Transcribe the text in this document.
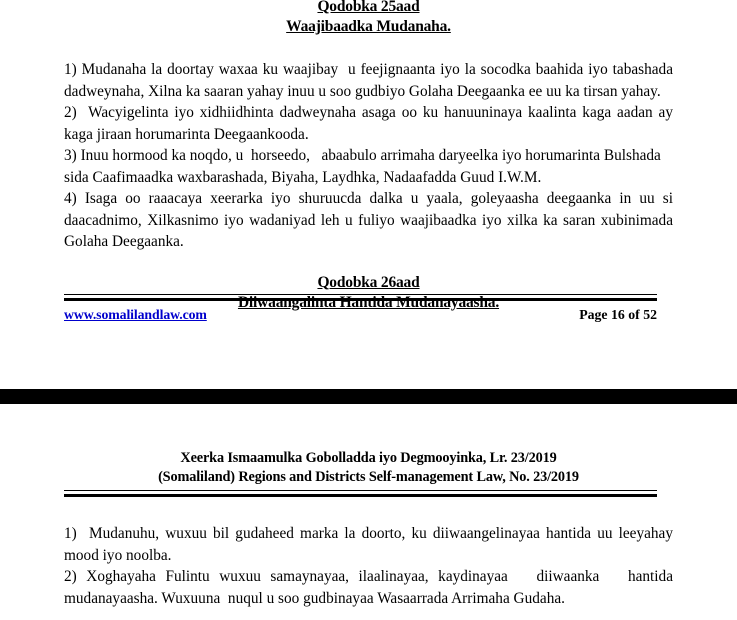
Qodobka 25aad
Waajibaadka Mudanaha.

1) Mudanaha la doortay waxaa ku waajibay  u feejignaanta iyo la socodka baahida iyo tabashada dadweynaha, Xilna ka saaran yahay inuu u soo gudbiyo Golaha Deegaanka ee uu ka tirsan yahay.

2)  Wacyigelinta iyo xidhiidhinta dadweynaha asaga oo ku hanuuninaya kaalinta kaga aadan ay kaga jiraan horumarinta Deegaankooda.

3) Inuu hormood ka noqdo, u  horseedo,   abaabulo arrimaha daryeelka iyo horumarinta Bulshada sida Caafimaadka waxbarashada, Biyaha, Laydhka, Nadaafadda Guud I.W.M.

4) Isaga oo raaacaya xeerarka iyo shuruucda dalka u yaala, goleyaasha deegaanka in uu si daacadnimo, Xilkasnimo iyo wadaniyad leh u fuliyo waajibaadka iyo xilka ka saran xubinimada Golaha Deegaanka.

Qodobka 26aad
Diiwaangalinta Hantida Mudanayaasha.
www.somalilandlaw.com	Page 16 of 52
Xeerka Ismaamulka Gobolladda iyo Degmooyinka, Lr. 23/2019
(Somaliland) Regions and Districts Self-management Law, No. 23/2019

1)  Mudanuhu, wuxuu bil gudaheed marka la doorto, ku diiwaangelinayaa hantida uu leeyahay mood iyo noolba.

2) Xoghayaha Fulintu wuxuu samaynayaa, ilaalinayaa, kaydinayaa   diiwaanka   hantida mudanayaasha. Wuxuuna  nuqul u soo gudbinayaa Wasaarrada Arrimaha Gudaha.
